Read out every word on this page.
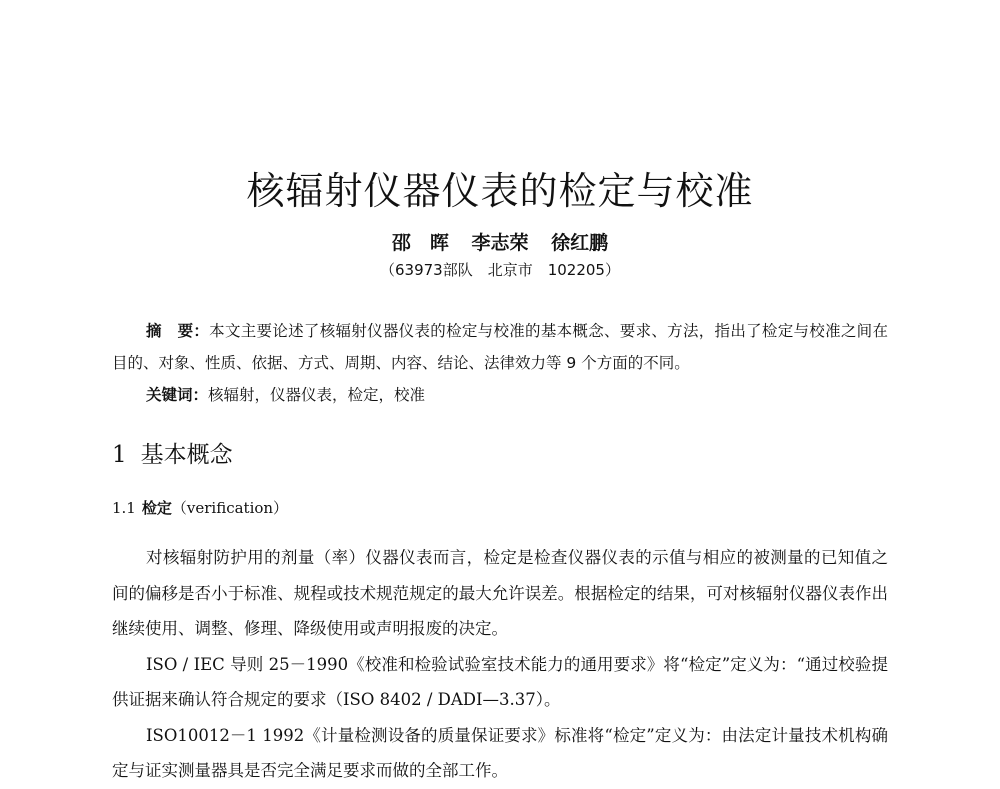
核辐射仪器仪表的检定与校准
邵　晖 李志荣 徐红鹏
（63973部队　北京市　102205）

摘　要：本文主要论述了核辐射仪器仪表的检定与校准的基本概念、要求、方法，指出了检定与校准之间在目的、对象、性质、依据、方式、周期、内容、结论、法律效力等 9 个方面的不同。

关键词：核辐射，仪器仪表，检定，校准
1 基本概念
1.1 检定（verification）

对核辐射防护用的剂量（率）仪器仪表而言，检定是检查仪器仪表的示值与相应的被测量的已知值之间的偏移是否小于标准、规程或技术规范规定的最大允许误差。根据检定的结果，可对核辐射仪器仪表作出继续使用、调整、修理、降级使用或声明报废的决定。

ISO / IEC 导则 25－1990《校准和检验试验室技术能力的通用要求》将“检定”定义为：“通过校验提供证据来确认符合规定的要求（ISO 8402 / DADI—3.37）。

ISO10012－1 1992《计量检测设备的质量保证要求》标准将“检定”定义为：由法定计量技术机构确定与证实测量器具是否完全满足要求而做的全部工作。
